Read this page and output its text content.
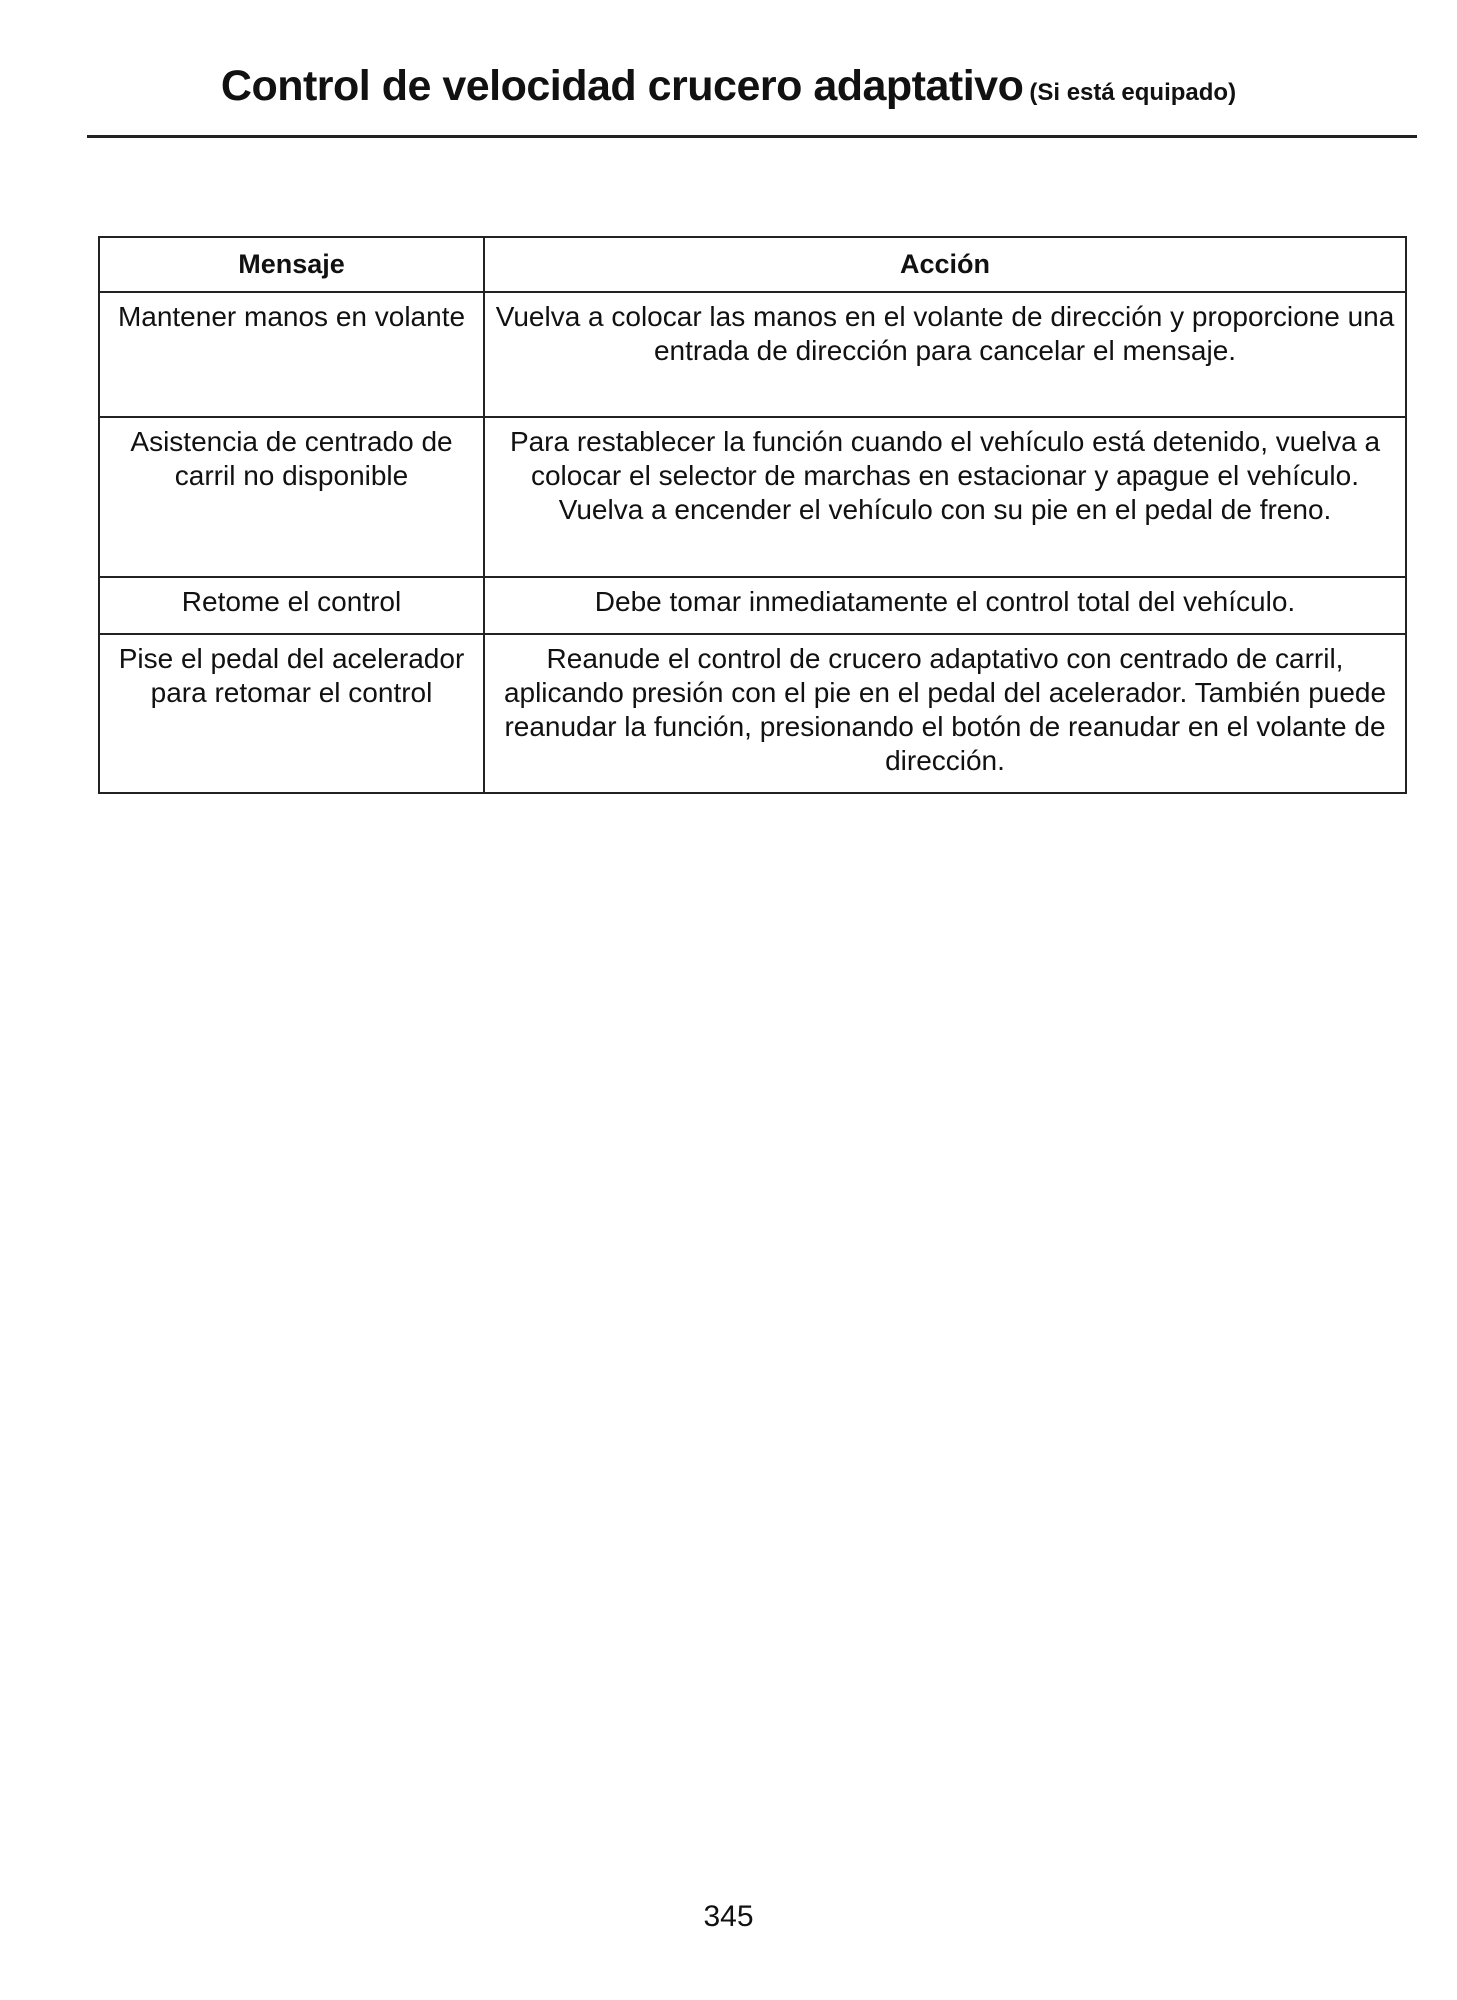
Control de velocidad crucero adaptativo (Si está equipado)
Mensaje	Acción
Mantener manos en volante	Vuelva a colocar las manos en el volante de dirección y proporcione una entrada de dirección para cancelar el mensaje.
Asistencia de centrado de carril no disponible	Para restablecer la función cuando el vehículo está detenido, vuelva a colocar el selector de marchas en estacionar y apague el vehículo. Vuelva a encender el vehículo con su pie en el pedal de freno.
Retome el control	Debe tomar inmediatamente el control total del vehículo.
Pise el pedal del acelerador para retomar el control	Reanude el control de crucero adaptativo con centrado de carril, aplicando presión con el pie en el pedal del acelerador. También puede reanudar la función, presionando el botón de reanudar en el volante de dirección.
345
